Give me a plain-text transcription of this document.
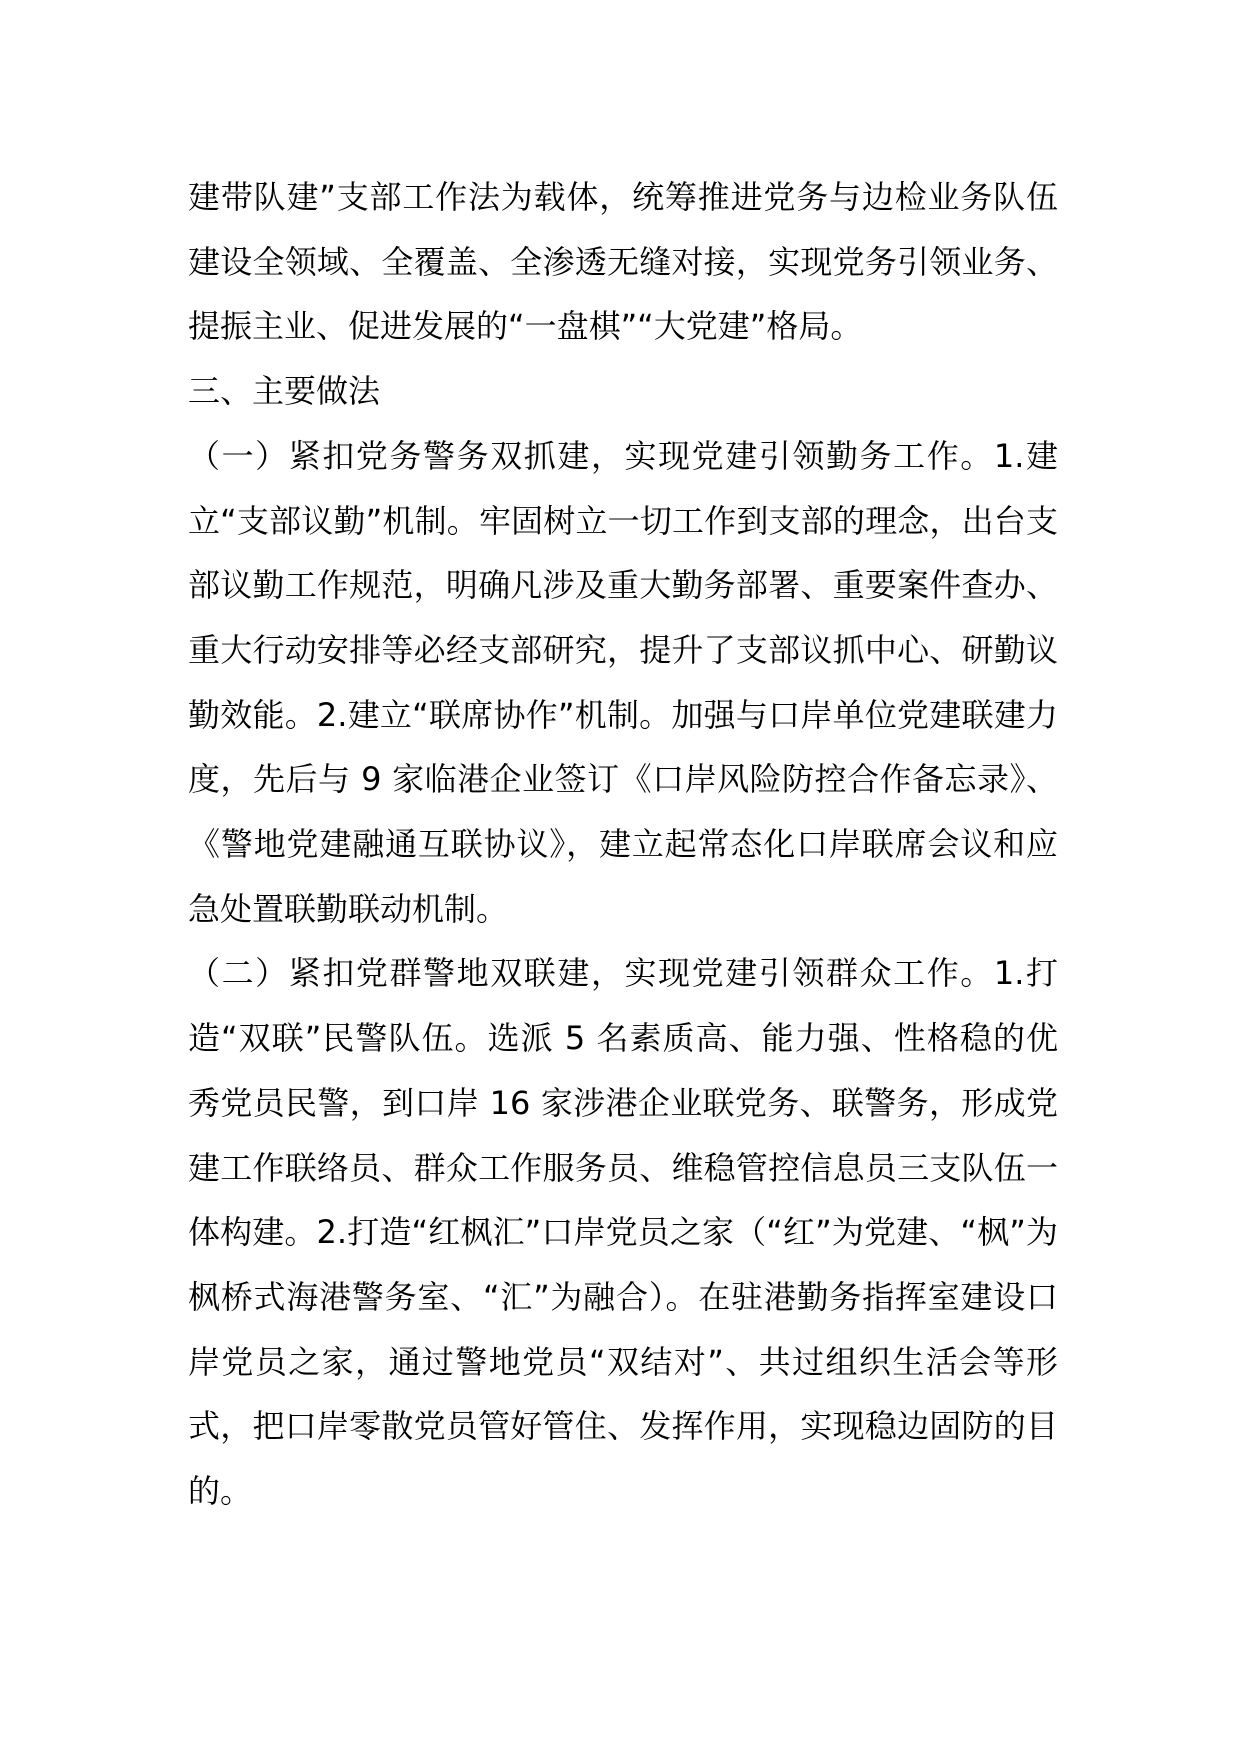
建带队建”支部工作法为载体，统筹推进党务与边检业务队伍建设全领域、全覆盖、全渗透无缝对接，实现党务引领业务、提振主业、促进发展的“一盘棋”“大党建”格局。

三、主要做法

（一）紧扣党务警务双抓建，实现党建引领勤务工作。1.建立“支部议勤”机制。牢固树立一切工作到支部的理念，出台支部议勤工作规范，明确凡涉及重大勤务部署、重要案件查办、重大行动安排等必经支部研究，提升了支部议抓中心、研勤议勤效能。2.建立“联席协作”机制。加强与口岸单位党建联建力度，先后与 9 家临港企业签订《口岸风险防控合作备忘录》、《警地党建融通互联协议》，建立起常态化口岸联席会议和应急处置联勤联动机制。

（二）紧扣党群警地双联建，实现党建引领群众工作。1.打造“双联”民警队伍。选派 5 名素质高、能力强、性格稳的优秀党员民警，到口岸 16 家涉港企业联党务、联警务，形成党建工作联络员、群众工作服务员、维稳管控信息员三支队伍一体构建。2.打造“红枫汇”口岸党员之家（“红”为党建、“枫”为枫桥式海港警务室、“汇”为融合）。在驻港勤务指挥室建设口岸党员之家，通过警地党员“双结对”、共过组织生活会等形式，把口岸零散党员管好管住、发挥作用，实现稳边固防的目的。
